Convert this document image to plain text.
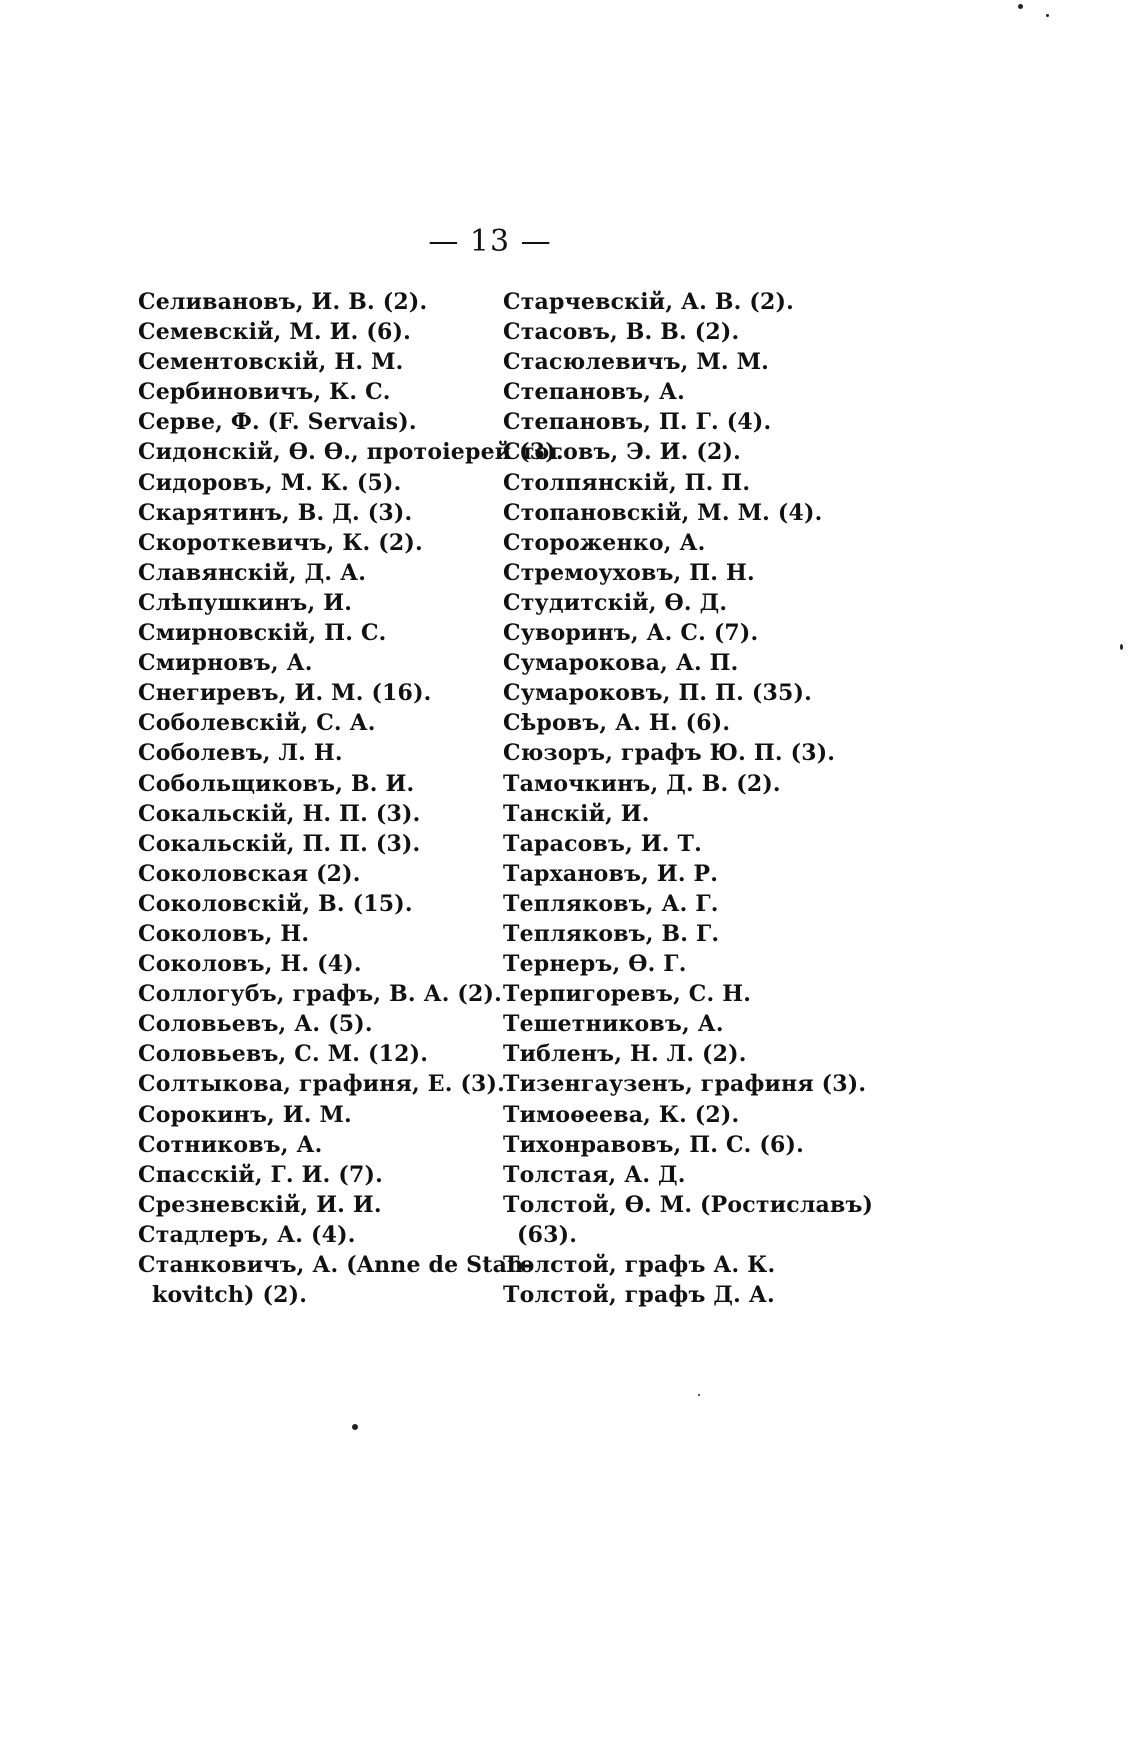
— 13 —
Селивановъ, И. В. (2).
Семевскій, М. И. (6).
Сементовскій, Н. М.
Сербиновичъ, К. С.
Серве, Ф. (F. Servais).
Сидонскій, Ѳ. Ѳ., протоіерей (3).
Сидоровъ, М. К. (5).
Скарятинъ, В. Д. (3).
Скороткевичъ, К. (2).
Славянскій, Д. А.
Слѣпушкинъ, И.
Смирновскій, П. С.
Смирновъ, А.
Снегиревъ, И. М. (16).
Соболевскій, С. А.
Соболевъ, Л. Н.
Собольщиковъ, В. И.
Сокальскій, Н. П. (3).
Сокальскій, П. П. (3).
Соколовская (2).
Соколовскій, В. (15).
Соколовъ, Н.
Соколовъ, Н. (4).
Соллогубъ, графъ, В. А. (2).
Соловьевъ, А. (5).
Соловьевъ, С. М. (12).
Солтыкова, графиня, Е. (3).
Сорокинъ, И. М.
Сотниковъ, А.
Спасскій, Г. И. (7).
Срезневскій, И. И.
Стадлеръ, А. (4).
Станковичъ, А. (Anne de Stan-
kovitch) (2).
Старчевскій, А. В. (2).
Стасовъ, В. В. (2).
Стасюлевичъ, М. М.
Степановъ, А.
Степановъ, П. Г. (4).
Стоговъ, Э. И. (2).
Столпянскій, П. П.
Стопановскій, М. М. (4).
Стороженко, А.
Стремоуховъ, П. Н.
Студитскій, Ѳ. Д.
Суворинъ, А. С. (7).
Сумарокова, А. П.
Сумароковъ, П. П. (35).
Сѣровъ, А. Н. (6).
Сюзоръ, графъ Ю. П. (3).
Тамочкинъ, Д. В. (2).
Танскій, И.
Тарасовъ, И. Т.
Тархановъ, И. Р.
Тепляковъ, А. Г.
Тепляковъ, В. Г.
Тернеръ, Ѳ. Г.
Терпигоревъ, С. Н.
Тешетниковъ, А.
Тибленъ, Н. Л. (2).
Тизенгаузенъ, графиня (3).
Тимоѳеева, К. (2).
Тихонравовъ, П. С. (6).
Толстая, А. Д.
Толстой, Ѳ. М. (Ростиславъ)
(63).
Толстой, графъ А. К.
Толстой, графъ Д. А.
